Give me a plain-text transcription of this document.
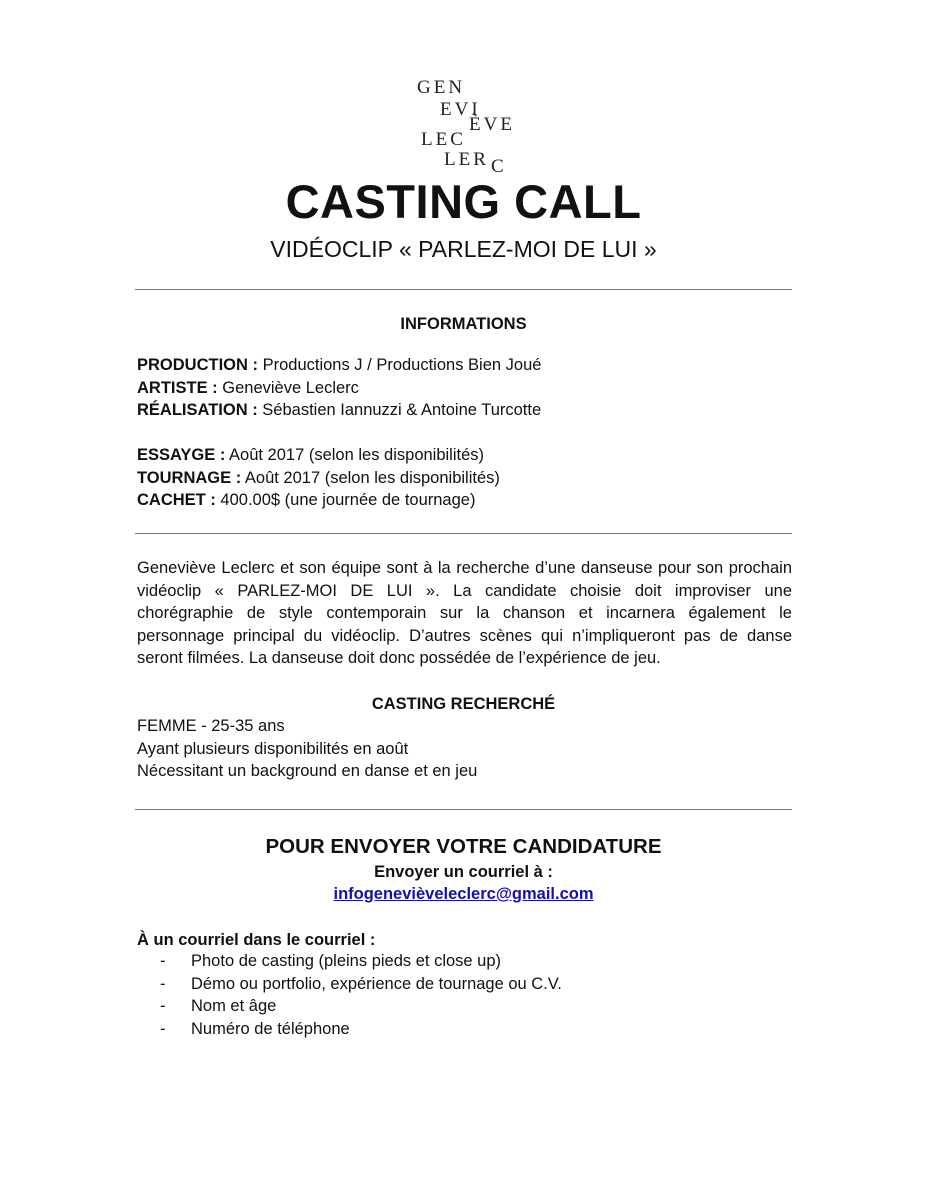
GEN
EVI
ÈVE
LEC
LER C
CASTING CALL
VIDÉOCLIP « PARLEZ-MOI DE LUI »
INFORMATIONS
PRODUCTION : Productions J / Productions Bien Joué
ARTISTE : Geneviève Leclerc
RÉALISATION : Sébastien Iannuzzi & Antoine Turcotte
ESSAYGE : Août 2017 (selon les disponibilités)
TOURNAGE : Août 2017 (selon les disponibilités)
CACHET : 400.00$ (une journée de tournage)
Geneviève Leclerc et son équipe sont à la recherche d’une danseuse pour son prochain vidéoclip « PARLEZ-MOI DE LUI ». La candidate choisie doit improviser une chorégraphie de style contemporain sur la chanson et incarnera également le personnage principal du vidéoclip. D’autres scènes qui n’impliqueront pas de danse seront filmées. La danseuse doit donc possédée de l’expérience de jeu.
CASTING RECHERCHÉ
FEMME - 25-35 ans
Ayant plusieurs disponibilités en août
Nécessitant un background en danse et en jeu
POUR ENVOYER VOTRE CANDIDATURE
Envoyer un courriel à :
infogenevièveleclerc@gmail.com
À un courriel dans le courriel :
- Photo de casting (pleins pieds et close up)
- Démo ou portfolio, expérience de tournage ou C.V.
- Nom et âge
- Numéro de téléphone
